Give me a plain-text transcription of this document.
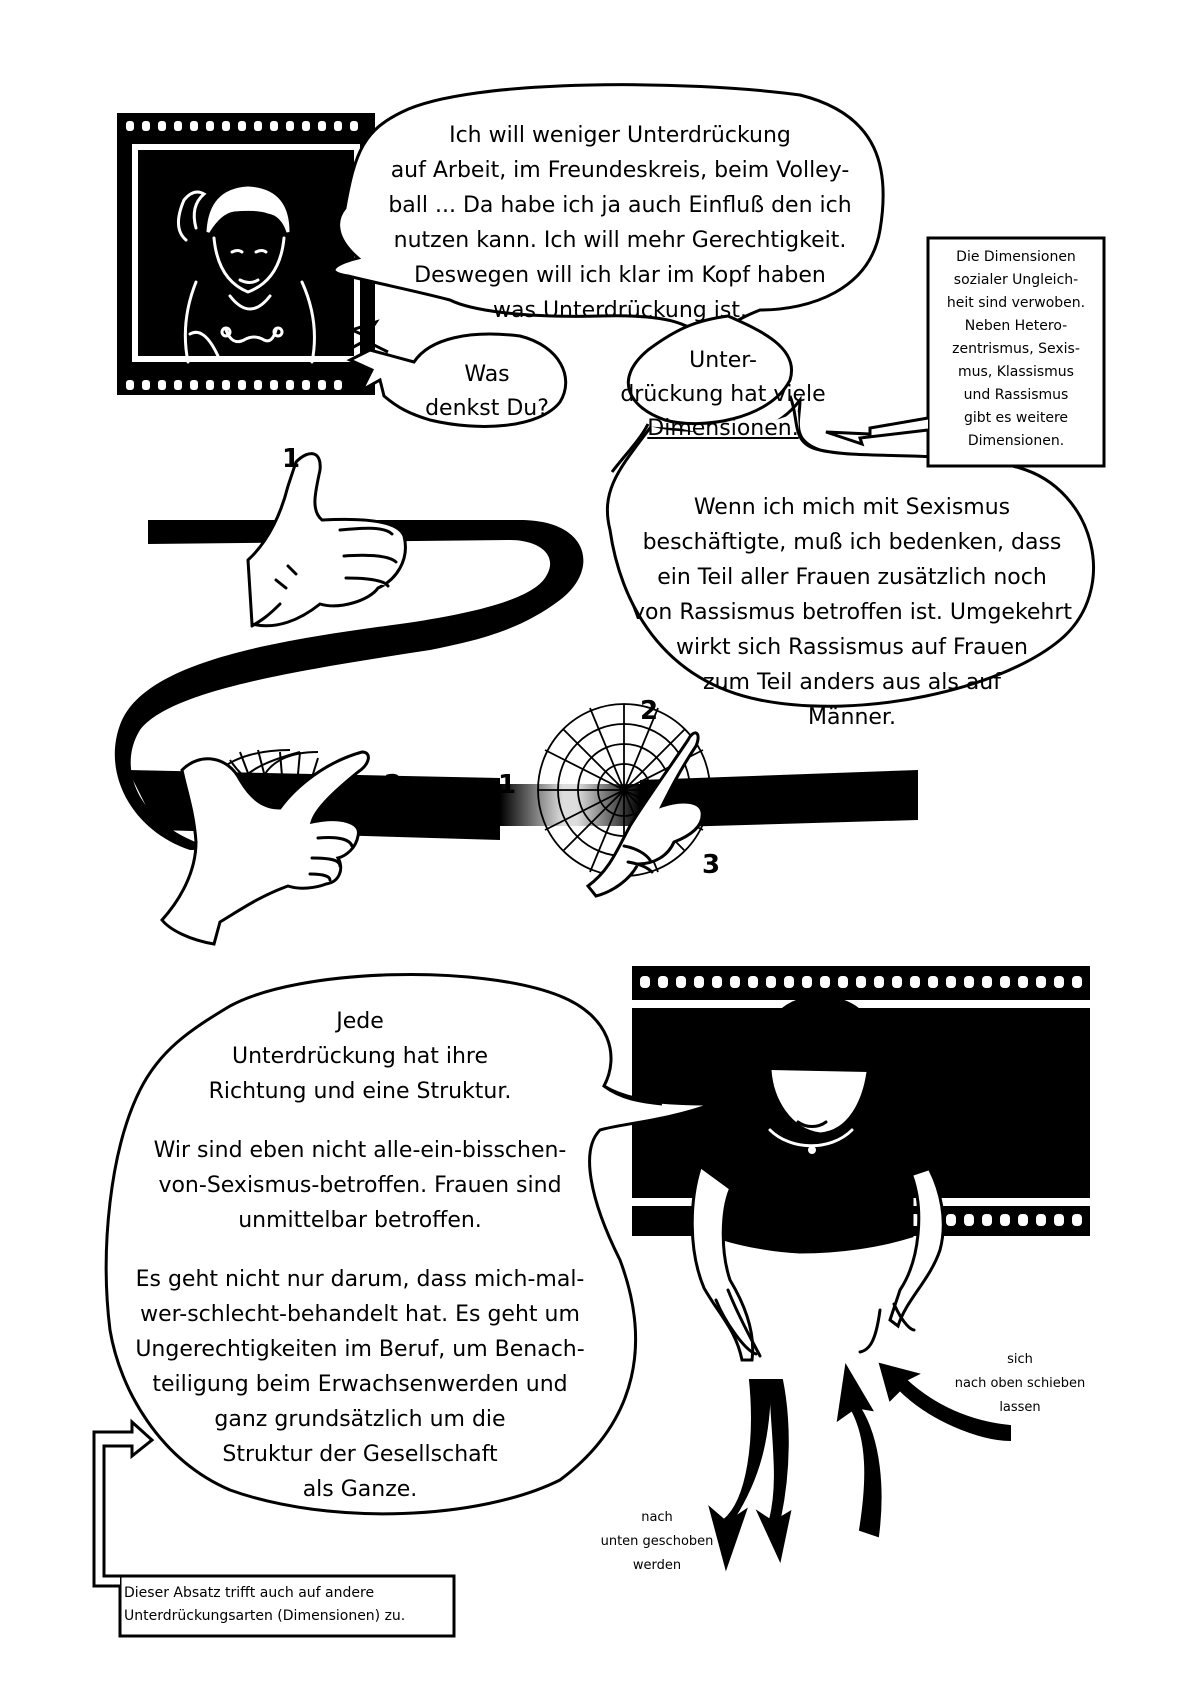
Ich will weniger Unterdrückung
auf Arbeit, im Freundeskreis, beim Volley-
ball ... Da habe ich ja auch Einfluß den ich
nutzen kann. Ich will mehr Gerechtigkeit.
Deswegen will ich klar im Kopf haben
was Unterdrückung ist.
Was
denkst Du?
Die Dimensionen
sozialer Ungleich-
heit sind verwoben.
Neben Hetero-
zentrismus, Sexis-
mus, Klassismus
und Rassismus
gibt es weitere
Dimensionen.
Unter-
drückung hat viele
Dimensionen.
Wenn ich mich mit Sexismus
beschäftigte, muß ich bedenken, dass
ein Teil aller Frauen zusätzlich noch
von Rassismus betroffen ist. Umgekehrt
wirkt sich Rassismus auf Frauen
zum Teil anders aus als auf
Männer.
1
1	2	1
2
3
Jede
Unterdrückung hat ihre
Richtung und eine Struktur.
Wir sind eben nicht alle-ein-bisschen-
von-Sexismus-betroffen. Frauen sind
unmittelbar betroffen.
Es geht nicht nur darum, dass mich-mal-
wer-schlecht-behandelt hat. Es geht um
Ungerechtigkeiten im Beruf, um Benach-
teiligung beim Erwachsenwerden und
ganz grundsätzlich um die
Struktur der Gesellschaft
als Ganze.
Dieser Absatz trifft auch auf andere
Unterdrückungsarten (Dimensionen) zu.
sich
nach oben schieben
lassen
nach
unten geschoben
werden
